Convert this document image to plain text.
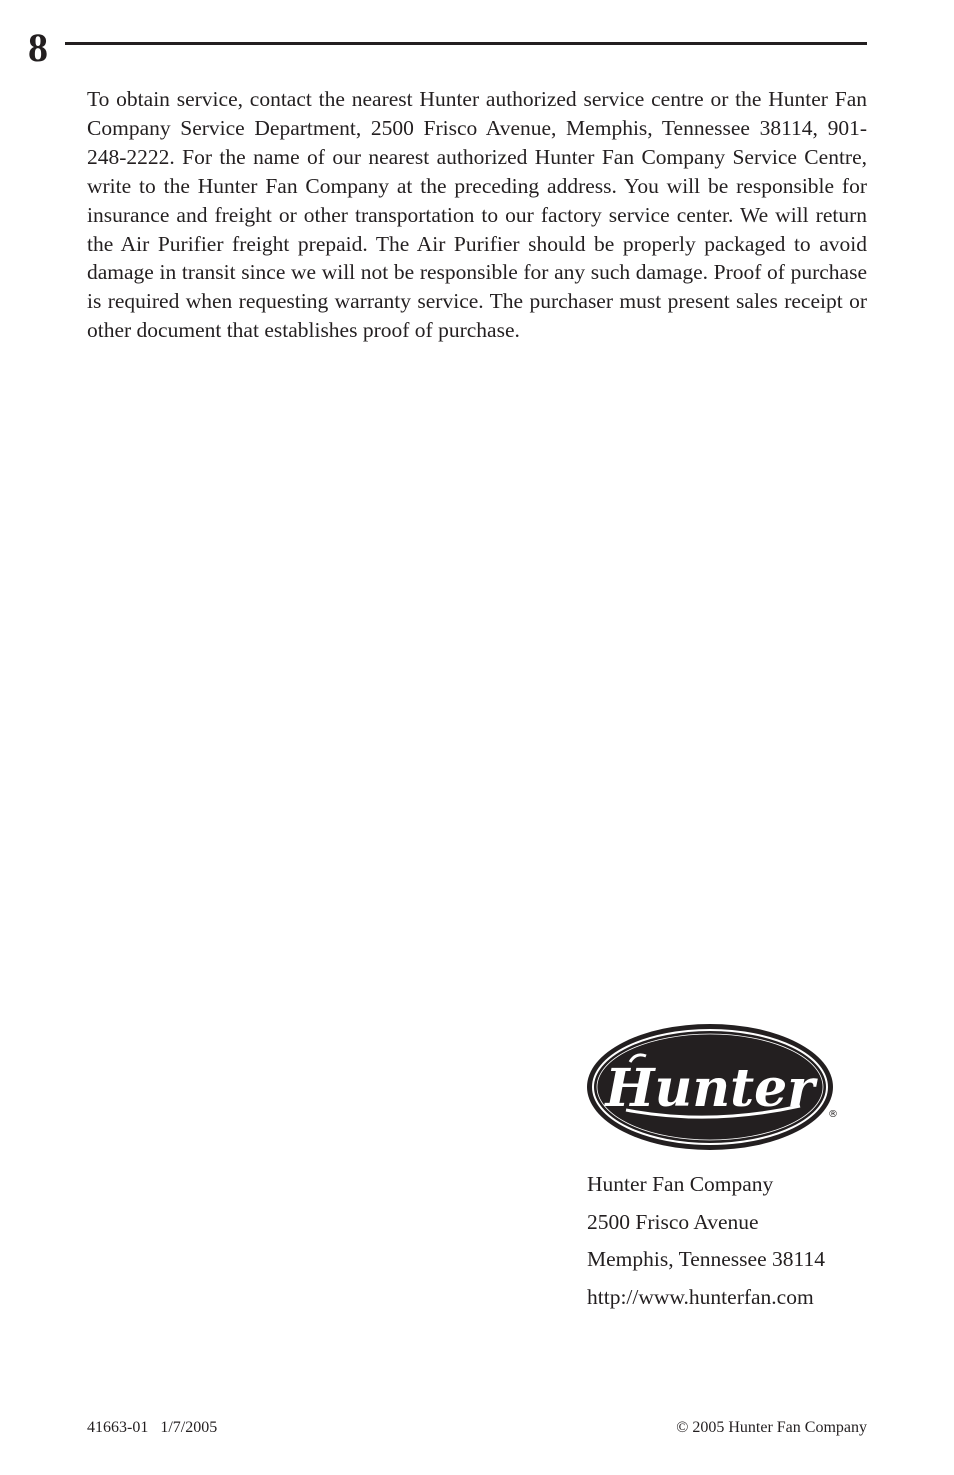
8

To obtain service, contact the nearest Hunter authorized service centre or the Hunter Fan Company Service Department, 2500 Frisco Avenue, Memphis, Tennessee 38114, 901-248-2222. For the name of our nearest authorized Hunter Fan Company Service Centre, write to the Hunter Fan Company at the preceding address. You will be responsible for insurance and freight or other transportation to our factory service center. We will return the Air Purifier freight prepaid. The Air Purifier should be properly packaged to avoid damage in transit since we will not be responsible for any such damage. Proof of purchase is required when requesting warranty service. The purchaser must present sales receipt or other document that establishes proof of purchase.

Hunter	®
Hunter Fan Company
2500 Frisco Avenue
Memphis, Tennessee 38114
http://www.hunterfan.com
41663-01   1/7/2005	© 2005 Hunter Fan Company
